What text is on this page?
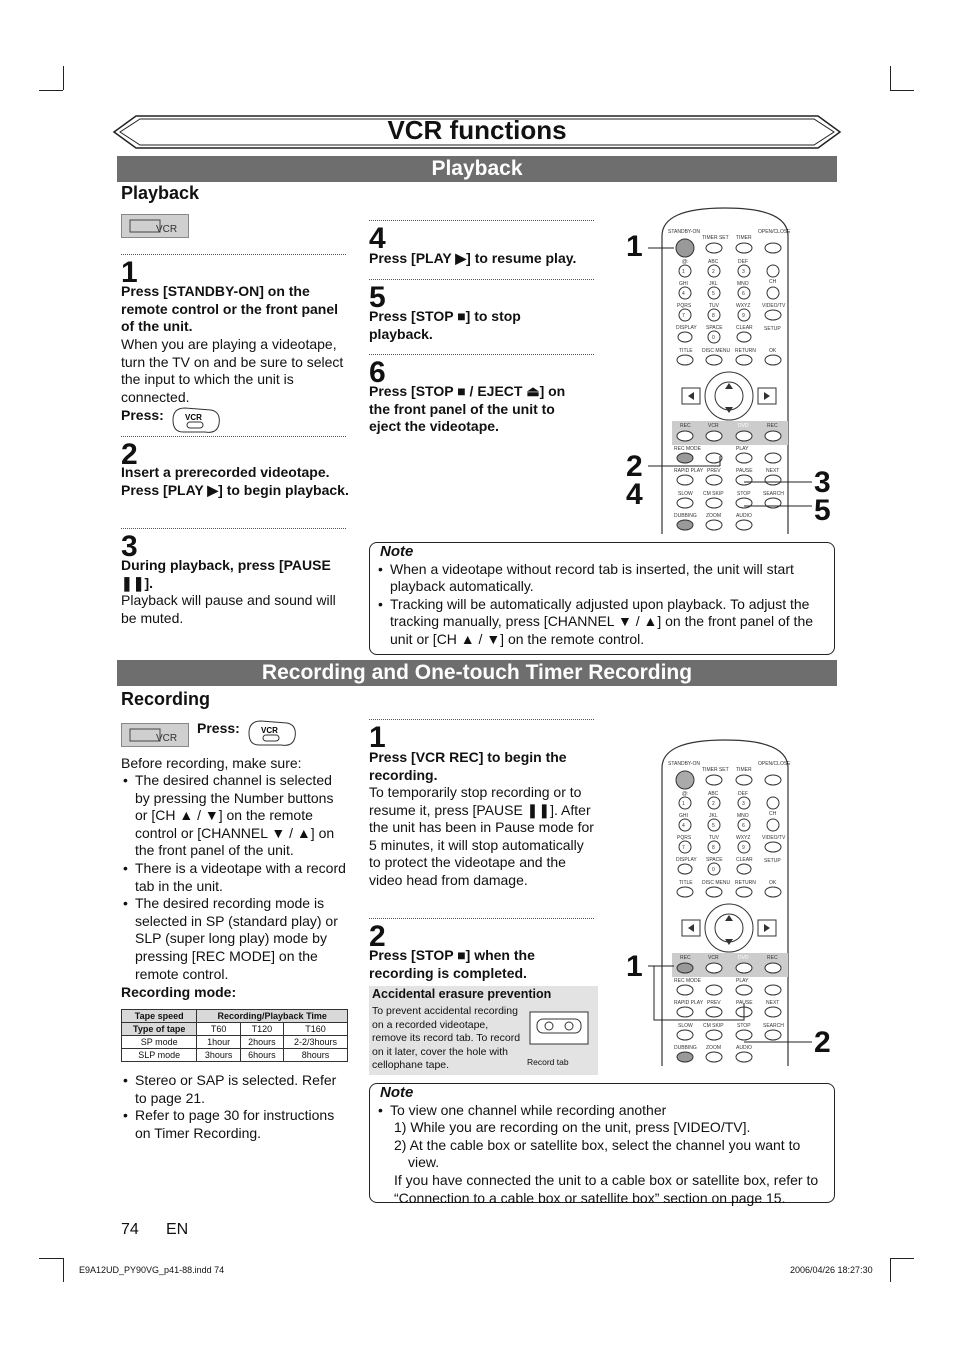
VCR functions
Playback
Playback
VCR
1
Press [STANDBY-ON] on the remote control or the front panel of the unit.
When you are playing a videotape, turn the TV on and be sure to select the input to which the unit is connected.
Press:	VCR
2
Insert a prerecorded videotape. Press [PLAY ▶] to begin playback.
3
During playback, press [PAUSE ❚❚].
Playback will pause and sound will be muted.
4
Press [PLAY ▶] to resume play.
5
Press [STOP ■] to stop playback.
6
Press [STOP ■ / EJECT ⏏] on the front panel of the unit to eject the videotape.
STANDBY-ON
TIMER SET TIMER
OPEN/CLOSE
@:	ABC	DEF
1	2	3
CH
GHI	JKL	MNO
4	5	6
VIDEO/TV
PQRS	TUV	WXYZ
7	8	9
DISPLAY SPACE	CLEAR SETUP
0
TITLE DISC MENU RETURN	OK
REC	VCR	DVD	REC
PLAY
REC MODE
RAPID PLAY PREV	PAUSE	NEXT
SLOW CM SKIP	STOP SEARCH
DUBBING ZOOM	AUDIO
1
2
4	3
5
Note
• When a videotape without record tab is inserted, the unit will start playback automatically.
• Tracking will be automatically adjusted upon playback. To adjust the tracking manually, press [CHANNEL ▼ / ▲] on the front panel of the unit or [CH ▲ / ▼] on the remote control.
Recording and One-touch Timer Recording
Recording
VCR
Press:	VCR
Before recording, make sure:
• The desired channel is selected by pressing the Number buttons or [CH ▲ / ▼] on the remote control or [CHANNEL ▼ / ▲] on the front panel of the unit.
• There is a videotape with a record tab in the unit.
• The desired recording mode is selected in SP (standard play) or SLP (super long play) mode by pressing [REC MODE] on the remote control.
Recording mode:
Tape speed	Recording/Playback Time		
Type of tape	T60	T120	T160
SP mode	1hour	2hours	2-2/3hours
SLP mode	3hours	6hours	8hours
• Stereo or SAP is selected. Refer to page 21.
• Refer to page 30 for instructions on Timer Recording.
1
Press [VCR REC] to begin the recording.
To temporarily stop recording or to resume it, press [PAUSE ❚❚]. After the unit has been in Pause mode for 5 minutes, it will stop automatically to protect the videotape and the video head from damage.
2
Press [STOP ■] when the recording is completed.
Accidental erasure prevention
To prevent accidental recording on a recorded videotape, remove its record tab. To record on it later, cover the hole with cellophane tape.	Record tab
STANDBY-ON
TIMER SET TIMER
OPEN/CLOSE
@:	ABC	DEF
1	2	3
CH
GHI	JKL	MNO
4	5	6
VIDEO/TV
PQRS	TUV	WXYZ
7	8	9
DISPLAY SPACE	CLEAR SETUP
0
TITLE DISC MENU RETURN	OK
REC	VCR	DVD	REC
PLAY
REC MODE
RAPID PLAY PREV	PAUSE	NEXT
SLOW CM SKIP	STOP SEARCH
DUBBING ZOOM	AUDIO
1
2
Note
• To view one channel while recording another
1) While you are recording on the unit, press [VIDEO/TV].
2) At the cable box or satellite box, select the channel you want to view.
If you have connected the unit to a cable box or satellite box, refer to “Connection to a cable box or satellite box” section on page 15.
74 EN
E9A12UD_PY90VG_p41-88.indd 74	2006/04/26 18:27:30
